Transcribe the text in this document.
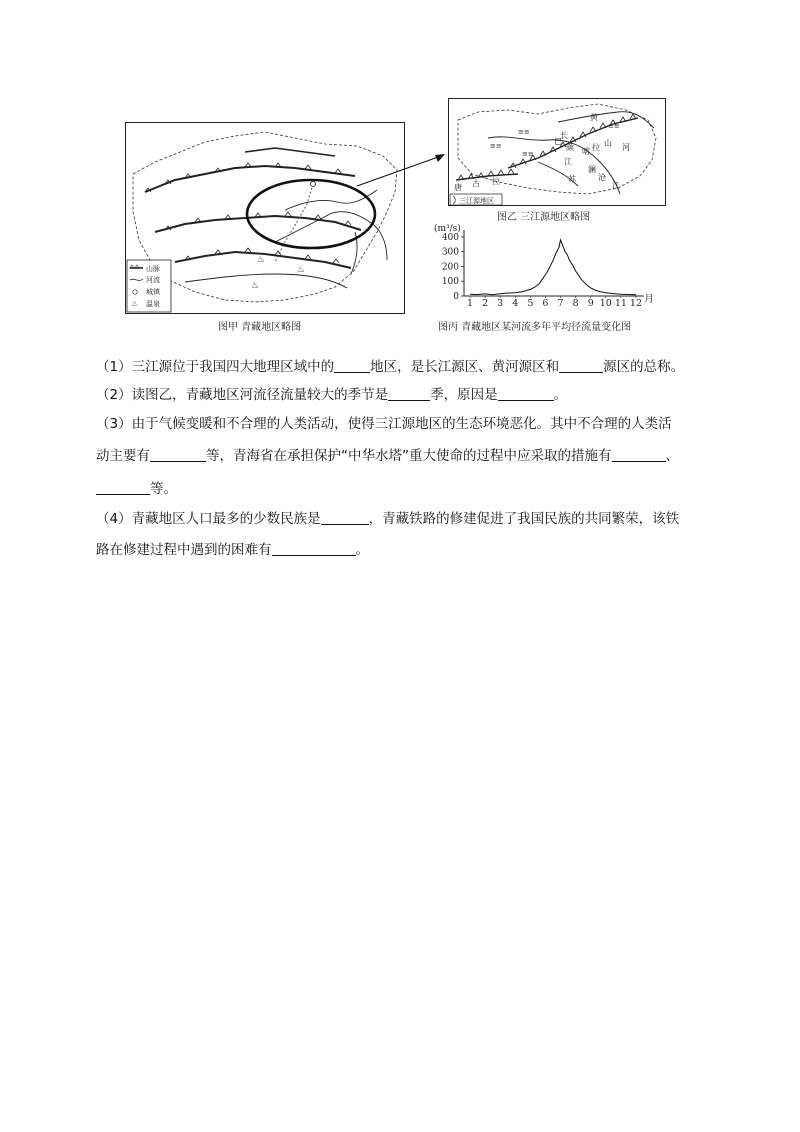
♨
♨
♨
山脉
河流
城镇
♨ 温泉
图甲 青藏地区略图
≡≡
≡≡
≡≡
≡≡
黄
河
长
江
巴
颜 喀 拉 山
唐 古 拉	苏
澜
沧
江
三江源地区
图乙 三江源地区略图
(m³/s)
月
0
100
200
300
400
1 2 3 4 5 6 7 8 9 10 11 12
图丙 青藏地区某河流多年平均径流量变化图
（1）三江源位于我国四大地理区域中的	地区，是长江源区、黄河源区和	源区的总称。
（2）读图乙，青藏地区河流径流量较大的季节是	季，原因是	。
（3）由于气候变暖和不合理的人类活动，使得三江源地区的生态环境恶化。其中不合理的人类活
动主要有	等，青海省在承担保护“中华水塔”重大使命的过程中应采取的措施有	、
等。
（4）青藏地区人口最多的少数民族是	，青藏铁路的修建促进了我国民族的共同繁荣，该铁
路在修建过程中遇到的困难有	。
